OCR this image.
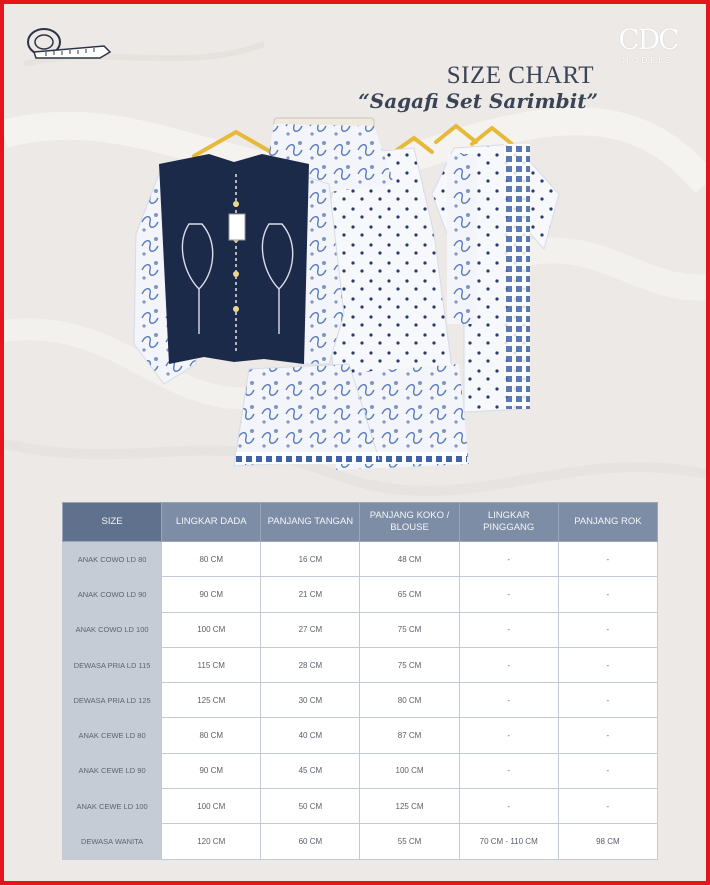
CDC
MODELS
SIZE CHART
“Sagafi Set Sarimbit”
SIZE	LINGKAR DADA	PANJANG TANGAN	PANJANG KOKO / BLOUSE	LINGKAR PINGGANG	PANJANG ROK
ANAK COWO LD 80	80 CM	16 CM	48 CM	-	-
ANAK COWO LD 90	90 CM	21 CM	65 CM	-	-
ANAK COWO LD 100	100 CM	27 CM	75 CM	-	-
DEWASA PRIA LD 115	115 CM	28 CM	75 CM	-	-
DEWASA PRIA LD 125	125 CM	30 CM	80 CM	-	-
ANAK CEWE LD 80	80 CM	40 CM	87 CM	-	-
ANAK CEWE LD 90	90 CM	45 CM	100 CM	-	-
ANAK CEWE LD 100	100 CM	50 CM	125 CM	-	-
DEWASA WANITA	120 CM	60 CM	55 CM	70 CM - 110 CM	98 CM
